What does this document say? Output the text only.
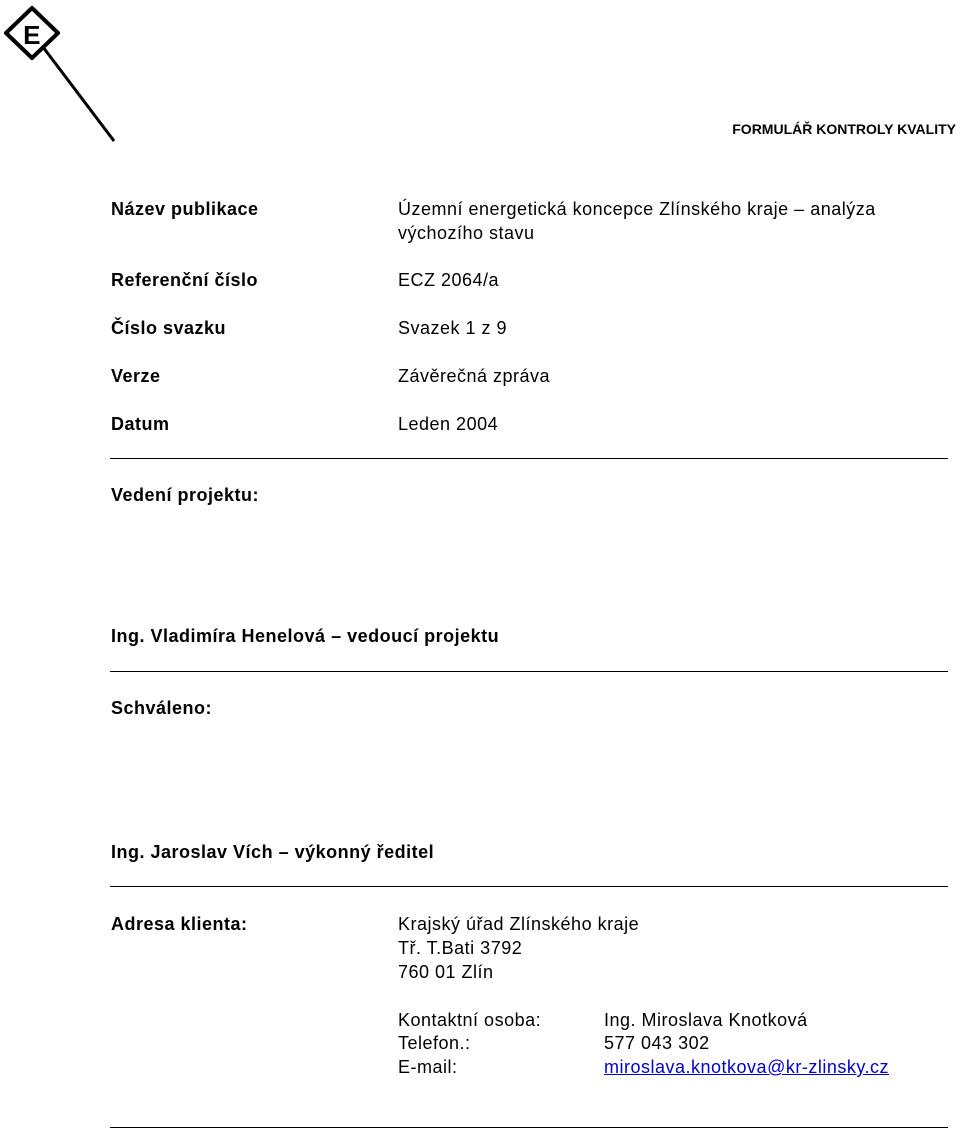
E
FORMULÁŘ KONTROLY KVALITY
Název publikace	Územní energetická koncepce Zlínského kraje – analýza
výchozího stavu
Referenční číslo	ECZ 2064/a
Číslo svazku	Svazek 1 z 9
Verze	Závěrečná zpráva
Datum	Leden 2004
Vedení projektu:
Ing. Vladimíra Henelová – vedoucí projektu
Schváleno:
Ing. Jaroslav Vích – výkonný ředitel
Adresa klienta:	Krajský úřad Zlínského kraje
Tř. T.Bati 3792
760 01 Zlín
Kontaktní osoba:	Ing. Miroslava Knotková
Telefon.:	577 043 302
E-mail:	miroslava.knotkova@kr-zlinsky.cz
